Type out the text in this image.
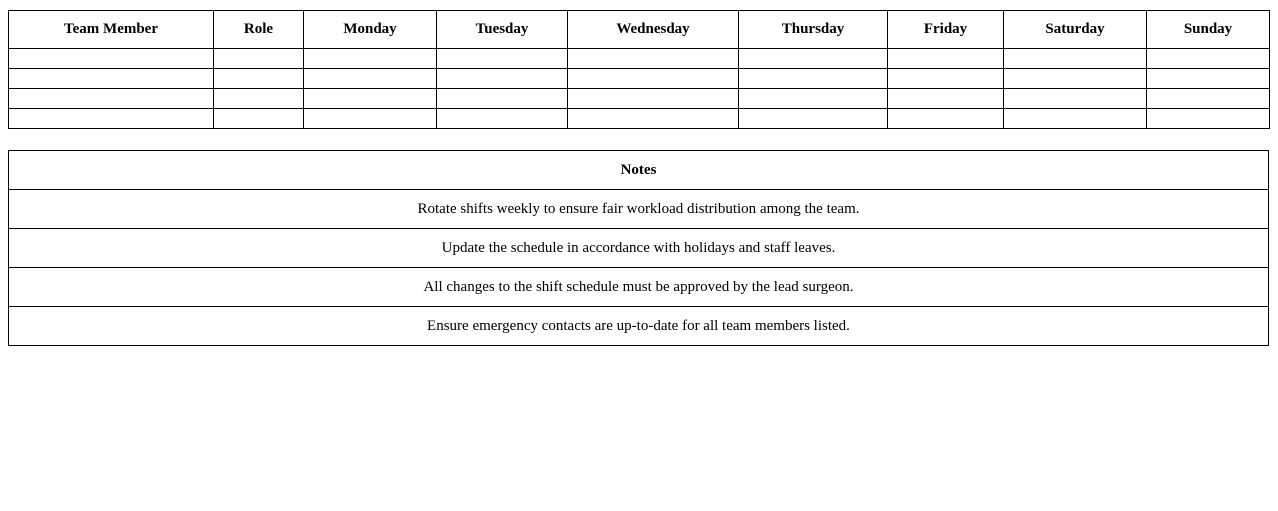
Team Member	Role	Monday	Tuesday	Wednesday	Thursday	Friday	Saturday	Sunday

Notes
Rotate shifts weekly to ensure fair workload distribution among the team.
Update the schedule in accordance with holidays and staff leaves.
All changes to the shift schedule must be approved by the lead surgeon.
Ensure emergency contacts are up-to-date for all team members listed.
